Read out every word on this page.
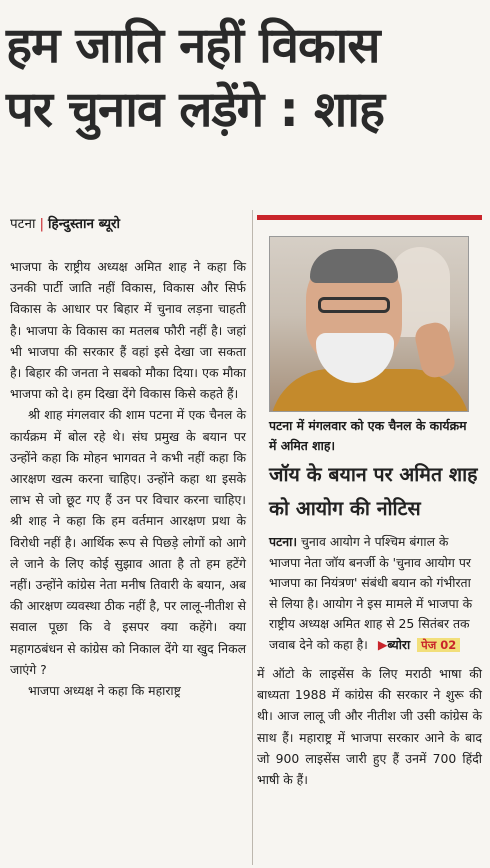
हम जाति नहीं विकास
पर चुनाव लड़ेंगे : शाह
पटना | हिन्दुस्तान ब्यूरो

भाजपा के राष्ट्रीय अध्यक्ष अमित शाह ने कहा कि उनकी पार्टी जाति नहीं विकास, विकास और सिर्फ विकास के आधार पर बिहार में चुनाव लड़ना चाहती है। भाजपा के विकास का मतलब फौरी नहीं है। जहां भी भाजपा की सरकार हैं वहां इसे देखा जा सकता है। बिहार की जनता ने सबको मौका दिया। एक मौका भाजपा को दे। हम दिखा देंगे विकास किसे कहते हैं।

श्री शाह मंगलवार की शाम पटना में एक चैनल के कार्यक्रम में बोल रहे थे। संघ प्रमुख के बयान पर उन्होंने कहा कि मोहन भागवत ने कभी नहीं कहा कि आरक्षण खत्म करना चाहिए। उन्होंने कहा था इसके लाभ से जो छूट गए हैं उन पर विचार करना चाहिए। श्री शाह ने कहा कि हम वर्तमान आरक्षण प्रथा के विरोधी नहीं है। आर्थिक रूप से पिछड़े लोगों को आगे ले जाने के लिए कोई सुझाव आता है तो हम हटेंगे नहीं। उन्होंने कांग्रेस नेता मनीष तिवारी के बयान, अब की आरक्षण व्यवस्था ठीक नहीं है, पर लालू-नीतीश से सवाल पूछा कि वे इसपर क्या कहेंगे। क्या महागठबंधन से कांग्रेस को निकाल देंगे या खुद निकल जाएंगे ?

भाजपा अध्यक्ष ने कहा कि महाराष्ट्र

पटना में मंगलवार को एक चैनल के कार्यक्रम में अमित शाह।
जॉय के बयान पर अमित शाह को आयोग की नोटिस
पटना। चुनाव आयोग ने पश्चिम बंगाल के भाजपा नेता जॉय बनर्जी के 'चुनाव आयोग पर भाजपा का नियंत्रण' संबंधी बयान को गंभीरता से लिया है। आयोग ने इस मामले में भाजपा के राष्ट्रीय अध्यक्ष अमित शाह से 25 सितंबर तक जवाब देने को कहा है। ▶ब्योरा पेज 02
में ऑटो के लाइसेंस के लिए मराठी भाषा की बाध्यता 1988 में कांग्रेस की सरकार ने शुरू की थी। आज लालू जी और नीतीश जी उसी कांग्रेस के साथ हैं। महाराष्ट्र में भाजपा सरकार आने के बाद जो 900 लाइसेंस जारी हुए हैं उनमें 700 हिंदी भाषी के हैं।
